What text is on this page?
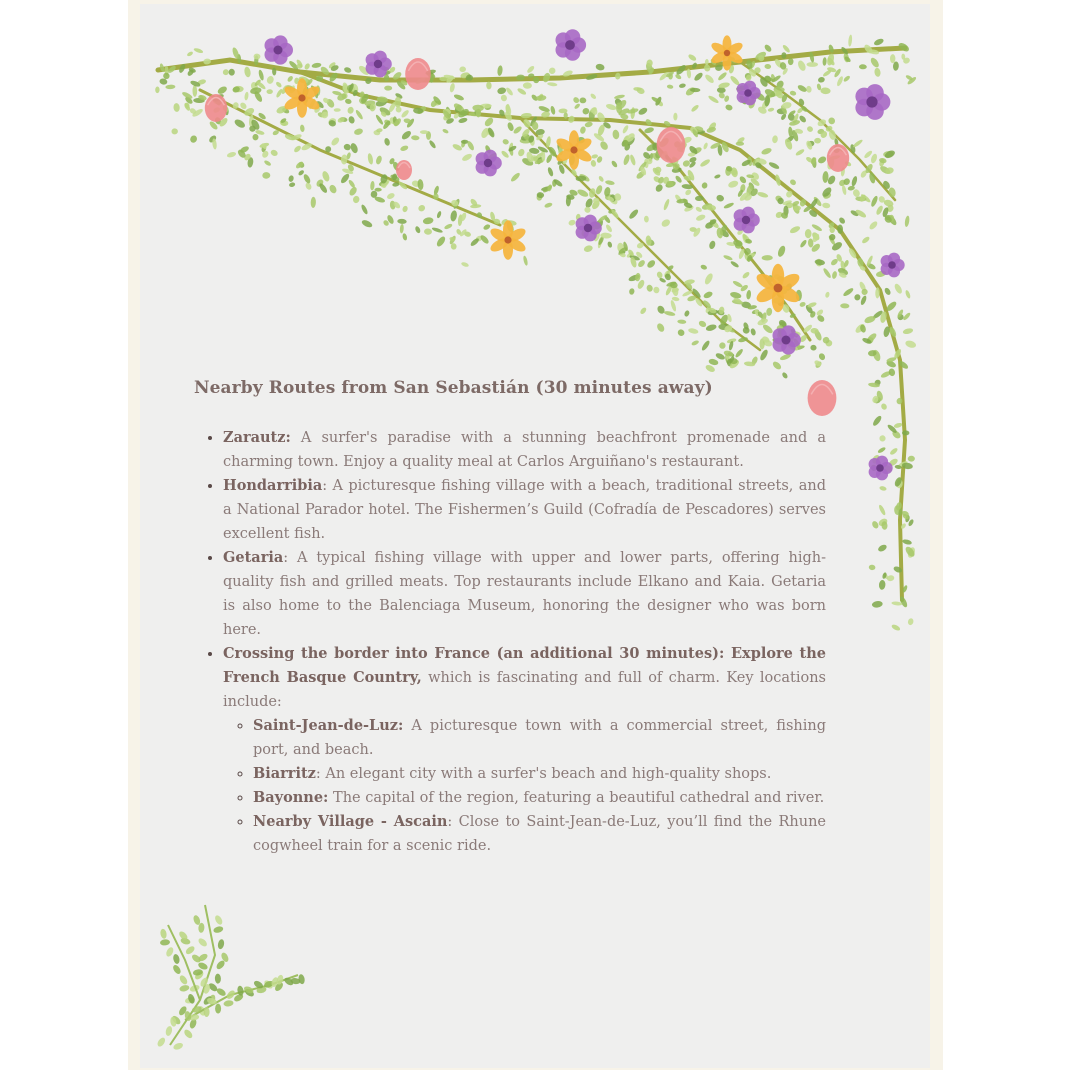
Nearby Routes from San Sebastián (30 minutes away)
• Zarautz: A surfer's paradise with a stunning beachfront promenade and a charming town. Enjoy a quality meal at Carlos Arguiñano's restaurant.
• Hondarribia: A picturesque fishing village with a beach, traditional streets, and a National Parador hotel. The Fishermen’s Guild (Cofradía de Pescadores) serves excellent fish.
• Getaria: A typical fishing village with upper and lower parts, offering high-quality fish and grilled meats. Top restaurants include Elkano and Kaia. Getaria is also home to the Balenciaga Museum, honoring the designer who was born here.
• Crossing the border into France (an additional 30 minutes): Explore the French Basque Country, which is fascinating and full of charm. Key locations include:
◦ Saint-Jean-de-Luz: A picturesque town with a commercial street, fishing port, and beach.
◦ Biarritz: An elegant city with a surfer's beach and high-quality shops.
◦ Bayonne: The capital of the region, featuring a beautiful cathedral and river.
◦ Nearby Village - Ascain: Close to Saint-Jean-de-Luz, you’ll find the Rhune cogwheel train for a scenic ride.
